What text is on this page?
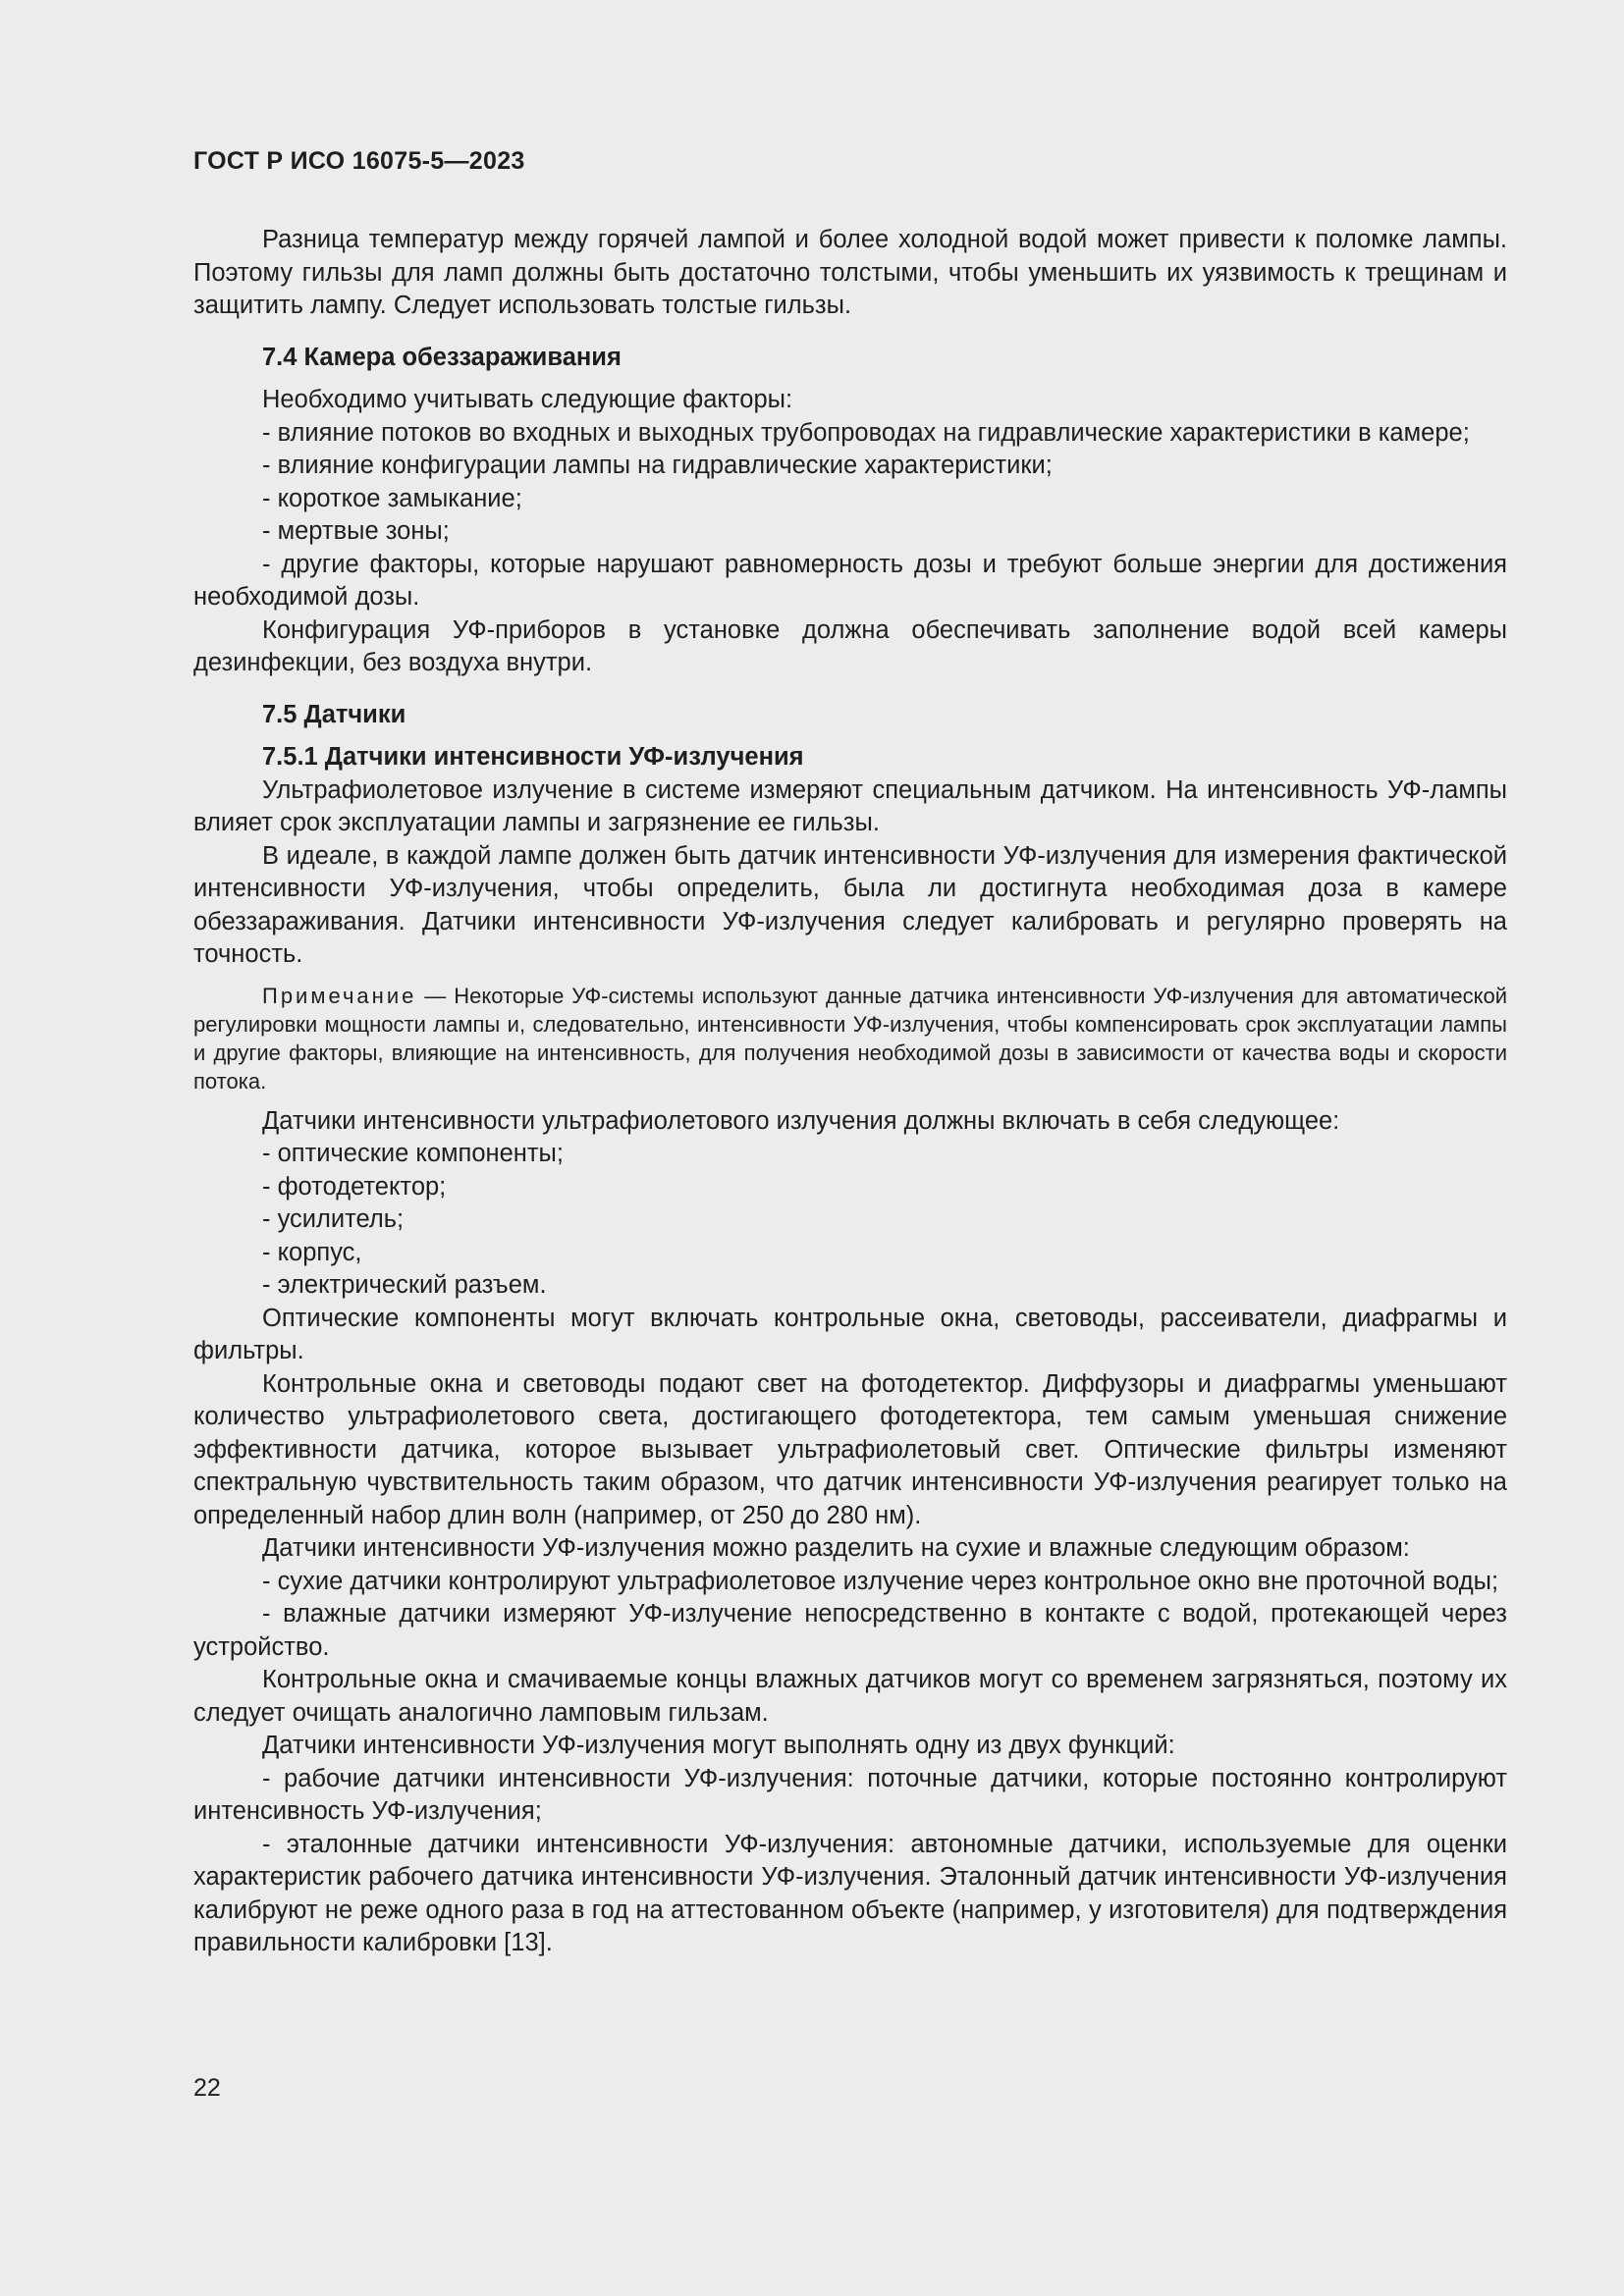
ГОСТ Р ИСО 16075-5—2023

Разница температур между горячей лампой и более холодной водой может привести к поломке лампы. Поэтому гильзы для ламп должны быть достаточно толстыми, чтобы уменьшить их уязвимость к трещинам и защитить лампу. Следует использовать толстые гильзы.

7.4 Камера обеззараживания

Необходимо учитывать следующие факторы:

- влияние потоков во входных и выходных трубопроводах на гидравлические характеристики в камере;

- влияние конфигурации лампы на гидравлические характеристики;

- короткое замыкание;

- мертвые зоны;

- другие факторы, которые нарушают равномерность дозы и требуют больше энергии для достижения необходимой дозы.

Конфигурация УФ-приборов в установке должна обеспечивать заполнение водой всей камеры дезинфекции, без воздуха внутри.

7.5 Датчики

7.5.1 Датчики интенсивности УФ-излучения

Ультрафиолетовое излучение в системе измеряют специальным датчиком. На интенсивность УФ-лампы влияет срок эксплуатации лампы и загрязнение ее гильзы.

В идеале, в каждой лампе должен быть датчик интенсивности УФ-излучения для измерения фактической интенсивности УФ-излучения, чтобы определить, была ли достигнута необходимая доза в камере обеззараживания. Датчики интенсивности УФ-излучения следует калибровать и регулярно проверять на точность.

Примечание — Некоторые УФ-системы используют данные датчика интенсивности УФ-излучения для автоматической регулировки мощности лампы и, следовательно, интенсивности УФ-излучения, чтобы компенсировать срок эксплуатации лампы и другие факторы, влияющие на интенсивность, для получения необходимой дозы в зависимости от качества воды и скорости потока.

Датчики интенсивности ультрафиолетового излучения должны включать в себя следующее:

- оптические компоненты;

- фотодетектор;

- усилитель;

- корпус,

- электрический разъем.

Оптические компоненты могут включать контрольные окна, световоды, рассеиватели, диафрагмы и фильтры.

Контрольные окна и световоды подают свет на фотодетектор. Диффузоры и диафрагмы уменьшают количество ультрафиолетового света, достигающего фотодетектора, тем самым уменьшая снижение эффективности датчика, которое вызывает ультрафиолетовый свет. Оптические фильтры изменяют спектральную чувствительность таким образом, что датчик интенсивности УФ-излучения реагирует только на определенный набор длин волн (например, от 250 до 280 нм).

Датчики интенсивности УФ-излучения можно разделить на сухие и влажные следующим образом:

- сухие датчики контролируют ультрафиолетовое излучение через контрольное окно вне проточной воды;

- влажные датчики измеряют УФ-излучение непосредственно в контакте с водой, протекающей через устройство.

Контрольные окна и смачиваемые концы влажных датчиков могут со временем загрязняться, поэтому их следует очищать аналогично ламповым гильзам.

Датчики интенсивности УФ-излучения могут выполнять одну из двух функций:

- рабочие датчики интенсивности УФ-излучения: поточные датчики, которые постоянно контролируют интенсивность УФ-излучения;

- эталонные датчики интенсивности УФ-излучения: автономные датчики, используемые для оценки характеристик рабочего датчика интенсивности УФ-излучения. Эталонный датчик интенсивности УФ-излучения калибруют не реже одного раза в год на аттестованном объекте (например, у изготовителя) для подтверждения правильности калибровки [13].

22
